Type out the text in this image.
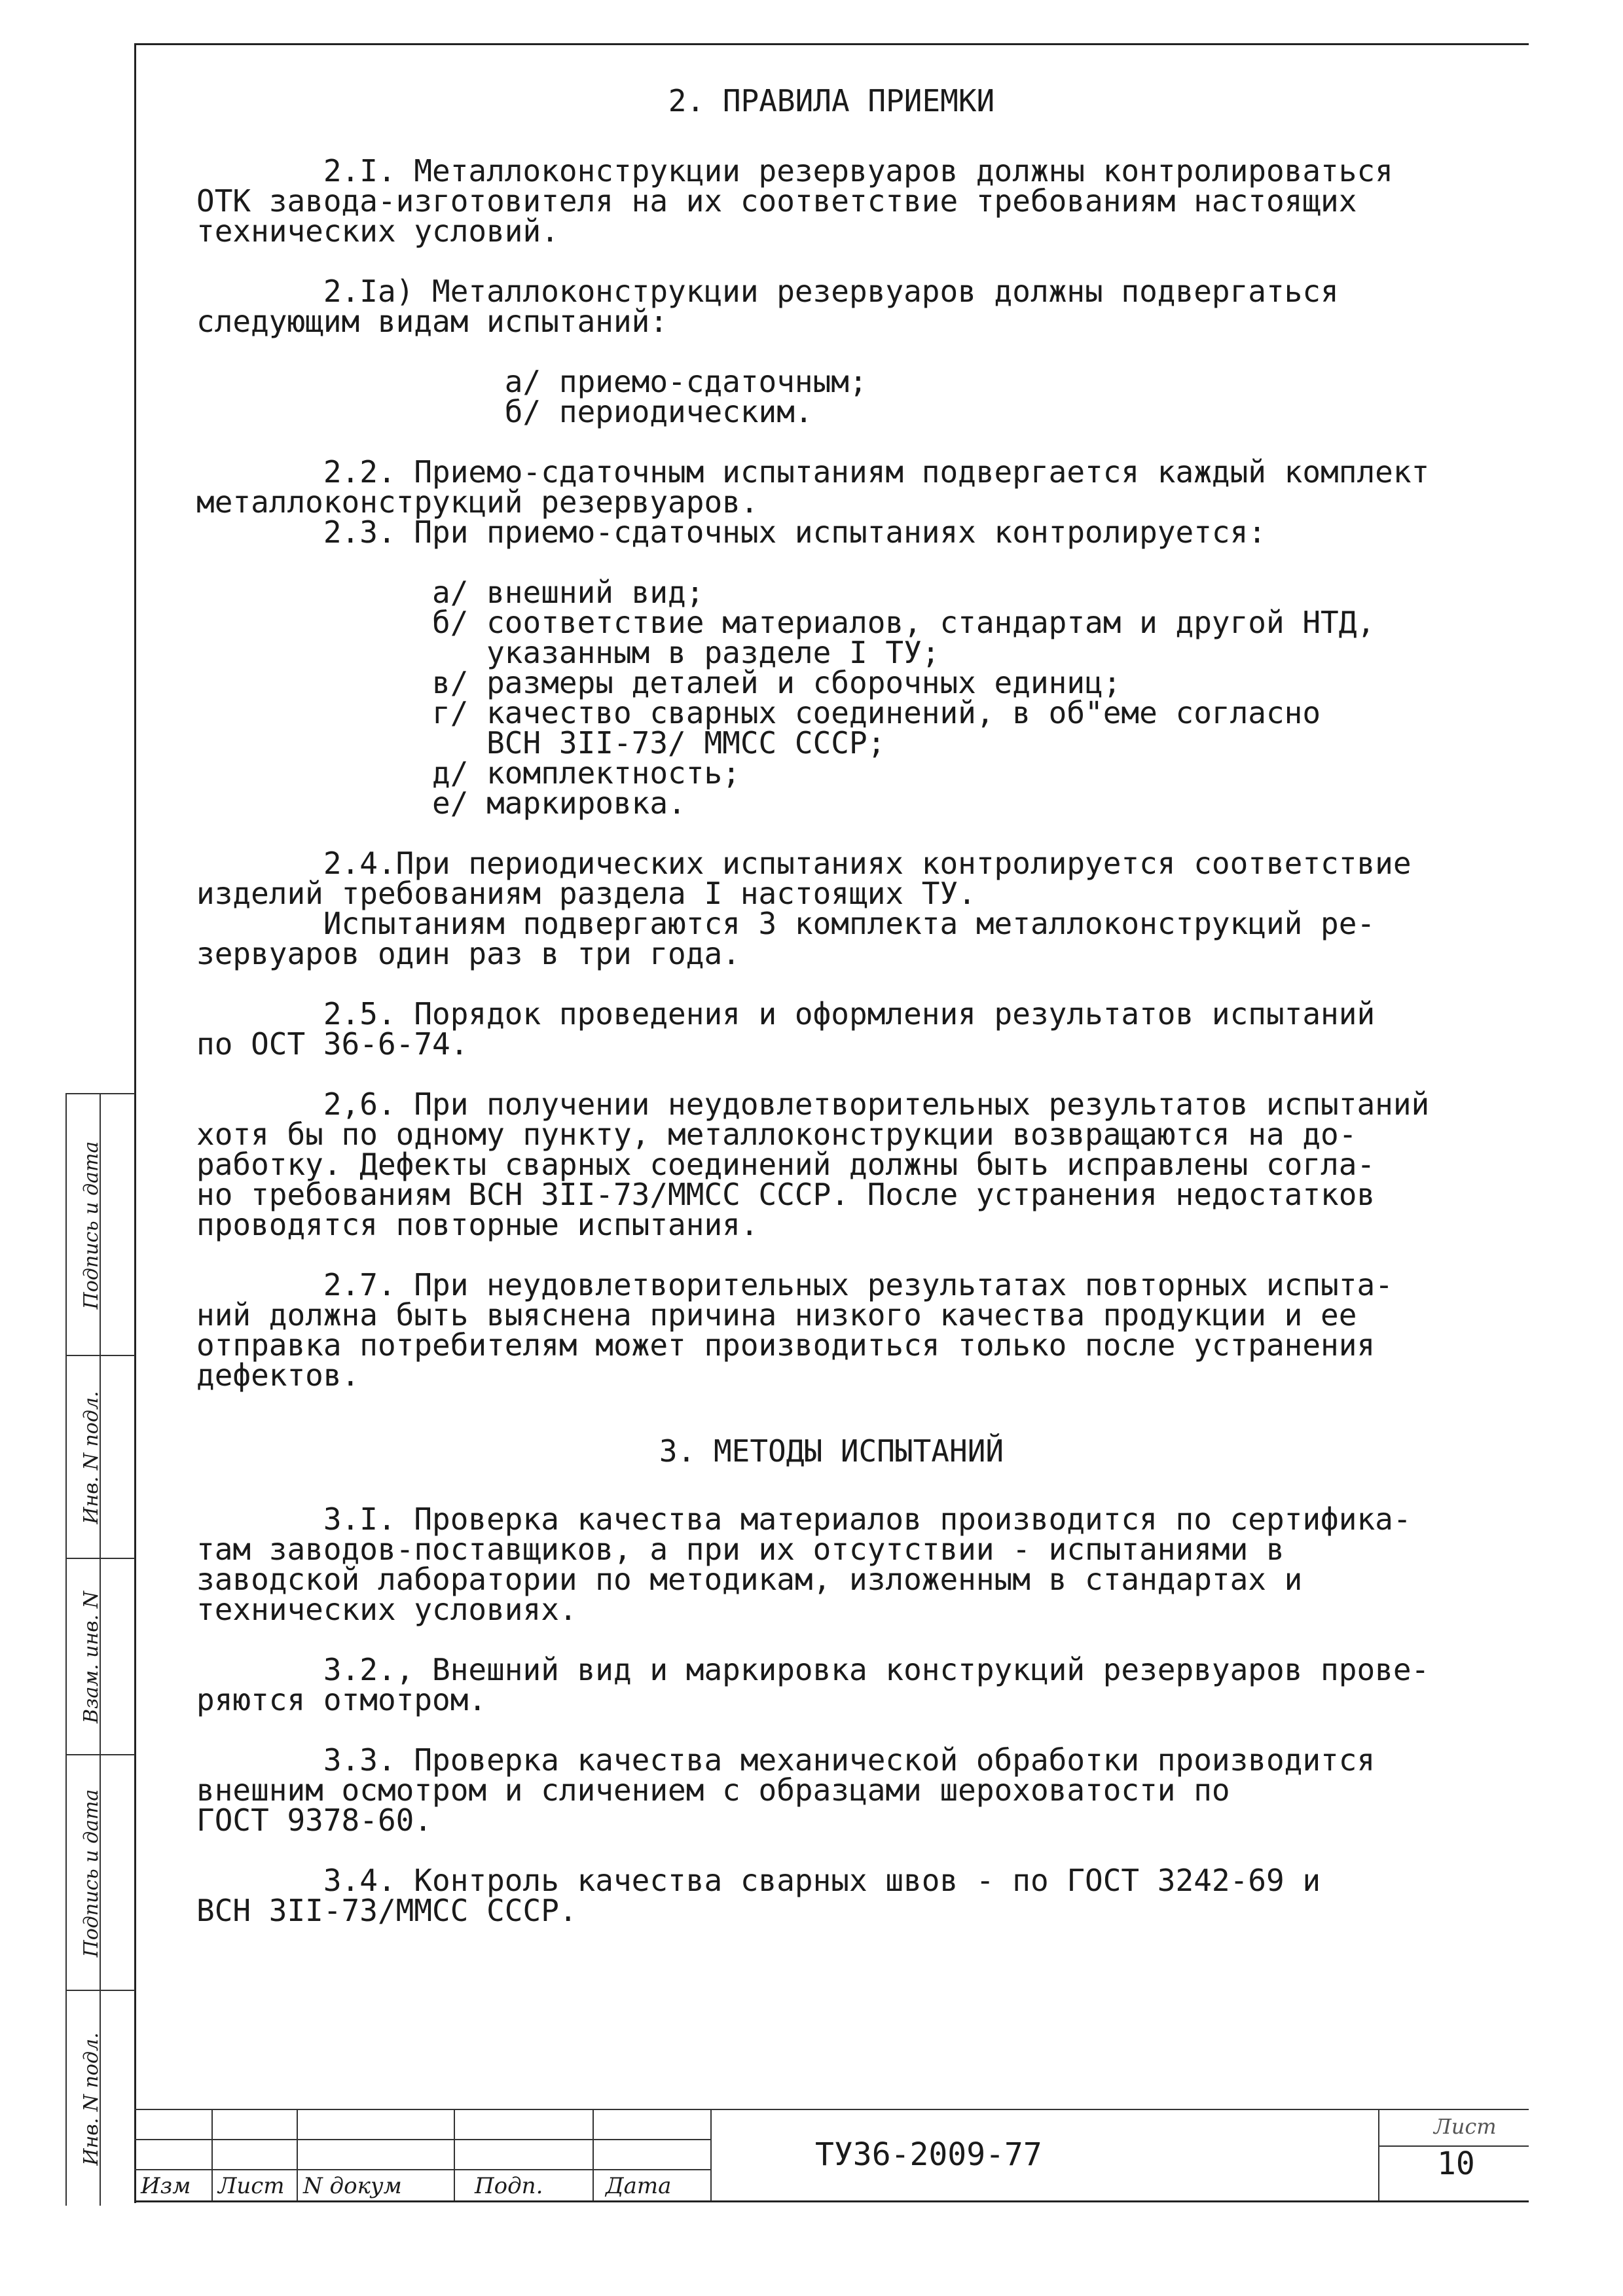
2. ПРАВИЛА ПРИЕМКИ
2.I. Металлоконструкции резервуаров должны контролироваться
ОТК завода-изготовителя на их соответствие требованиям настоящих
технических условий.
2.Iа) Металлоконструкции резервуаров должны подвергаться
следующим видам испытаний:
а/ приемо-сдаточным;
б/ периодическим.
2.2. Приемо-сдаточным испытаниям подвергается каждый комплект
металлоконструкций резервуаров.
2.3. При приемо-сдаточных испытаниях контролируется:
а/ внешний вид;
б/ соответствие материалов, стандартам и другой НТД,
указанным в разделе I ТУ;
в/ размеры деталей и сборочных единиц;
г/ качество сварных соединений, в об"еме согласно
ВСН 3II-73/ ММСС СССР;
д/ комплектность;
е/ маркировка.
2.4.При периодических испытаниях контролируется соответствие
изделий требованиям раздела I настоящих ТУ.
Испытаниям подвергаются 3 комплекта металлоконструкций ре-
зервуаров один раз в три года.
2.5. Порядок проведения и оформления результатов испытаний
по ОСТ 36-6-74.
2,6. При получении неудовлетворительных результатов испытаний
хотя бы по одному пункту, металлоконструкции возвращаются на до-
работку. Дефекты сварных соединений должны быть исправлены согла-
но требованиям ВСН 3II-73/ММСС СССР. После устранения недостатков
проводятся повторные испытания.
2.7. При неудовлетворительных результатах повторных испыта-
ний должна быть выяснена причина низкого качества продукции и ее
отправка потребителям может производиться только после устранения
дефектов.
3. МЕТОДЫ ИСПЫТАНИЙ
3.I. Проверка качества материалов производится по сертифика-
там заводов-поставщиков, а при их отсутствии - испытаниями в
заводской лаборатории по методикам, изложенным в стандартах и
технических условиях.
3.2., Внешний вид и маркировка конструкций резервуаров прове-
ряются отмотром.
3.3. Проверка качества механической обработки производится
внешним осмотром и сличением с образцами шероховатости по
ГОСТ 9378-60.
3.4. Контроль качества сварных швов - по ГОСТ 3242-69 и
ВСН 3II-73/ММСС СССР.
Подпись и дата
Инв. N подл.
Взам. инв. N
Подпись и дата
Инв. N подл.
Изм Лист N докум	Подп.	Дата
ТУ36-2009-77
Лист
10
